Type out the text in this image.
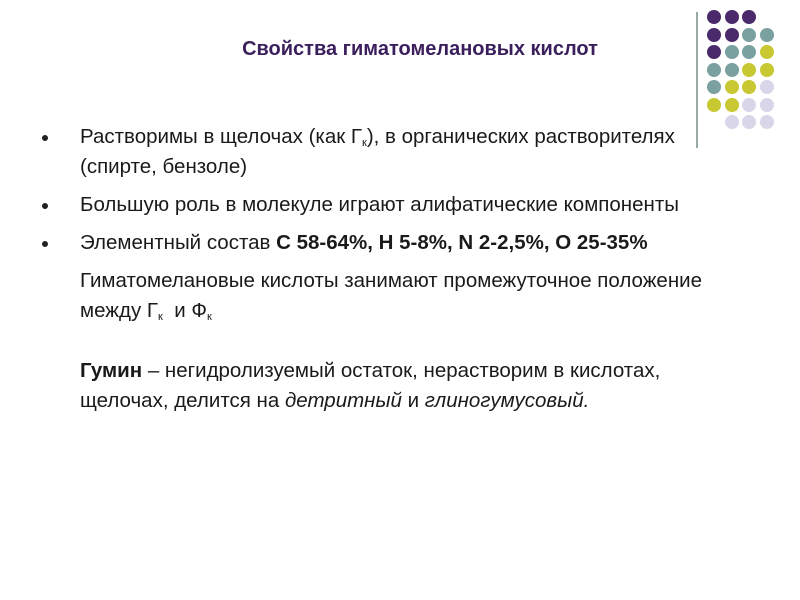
Свойства гиматомелановых кислот
Растворимы в щелочах (как $Г_к$), в органических растворителях (спирте, бензоле)
Большую роль в молекуле играют алифатические компоненты
Элементный состав С 58-64%, Н 5-8%, N 2-2,5%, О 25-35%
Гиматомелановые кислоты занимают промежуточное положение между $Г_к$  и $Ф_к$
Гумин – негидролизуемый остаток, нерастворим в кислотах, щелочах, делится на детритный и глиногумусовый.
